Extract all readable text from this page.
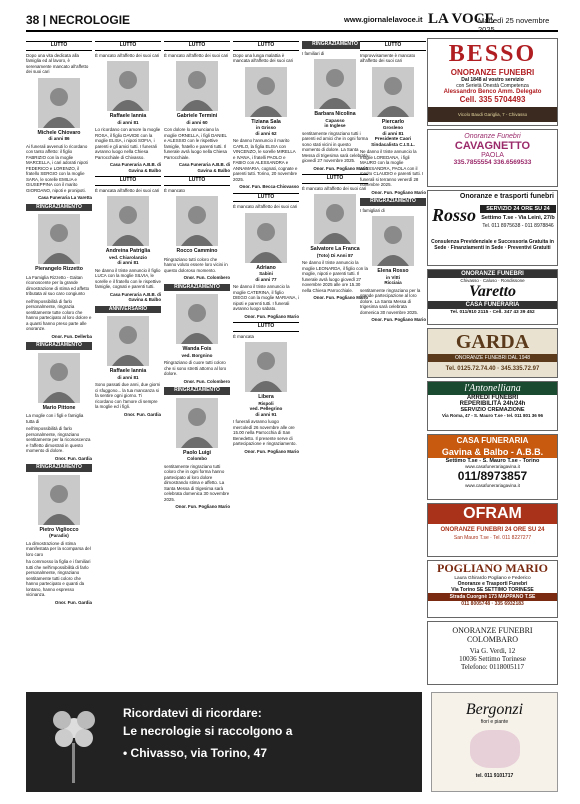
38 | NECROLOGIE	www.giornalelavoce.it LA VOCE
Martedì 25 novembre 2025
LUTTO

Dopo una vita dedicata alla famiglia ed al lavoro, è serenamente mancato all'affetto dei suoi cari

Michele Chiovaro
di anni 86

Ai funerali avvenuti lo ricordano con tanto affetto: il figlio FABRIZIO con la moglie MARCELLA, i cari adorati nipoti FEDERICO e LORENZO, il fratello SERGIO con la moglie SARA, le sorelle EMILIA e GIUSEPPINA con il marito GIORDANO, nipoti e pronipoti.

Casa Funeraria La Varetta
RINGRAZIAMENTO
Pierangelo Rizzetto

La Famiglia Rizzetto - Gaitan riconoscente per la grande dimostrazione di stima ed affetto tributata al suo caro congiunto

nell'impossibilità di farlo personalmente, ringrazia sentitamente tutte coloro che hanno partecipato al loro dolore e a quanti hanno preso parte alle onoranze.

Onor. Fun. Dellerba
RINGRAZIAMENTO
Mario Pittone

La moglie con i figli e famiglia tutta di

nell'impossibilità di farlo personalmente, ringraziano sentitamente per la riconoscenza e l'affetto dimostrati in questo momento di dolore.

Onor. Fun. Gardia
RINGRAZIAMENTO
Pietro Vigliocco
(Paradis)

La dimostrazione di stima manifestata per la scomparsa del loro caro

ha commosso la figlia e i familiari tutti che nell'impossibilità di farlo personalmente, ringraziano sentitamente tutti coloro che hanno partecipato e quanti da lontano, hanno espresso vicinanza.

Onor. Fun. Gardia
LUTTO

È mancato all'affetto dei suoi cari

Raffaele Iannia
di anni 81

Lo ricordano con amore la moglie ROSA, il figlio DAVIDE con la moglie ELISA, i nipoti SOFIA, i parenti e gli amici tutti. I funerali avranno luogo nella Chiesa Parrocchiale di Chivasso.

Casa Funeraria A.B.B. di Gavina & Balbo
LUTTO

È mancata all'affetto dei suoi cari

Andreina Patriglia
ved. Chiarolanzio
di anni 81

Ne danno il triste annuncio il figlio LUCA con la moglie SILVIA, le sorelle e il fratello con le rispettive famiglie, cognati e parenti tutti.

Casa Funeraria A.B.B. di Gavina & Balbo
ANNIVERSARIO
Raffaele Iannia
di anni 81

Sono passati due anni, due giorni ci sfuggono... la tua mancanza si fa sentire ogni giorno. Ti ricordano con l'amore di sempre la moglie ed i figli.

Onor. Fun. Gardia
LUTTO

È mancato all'affetto dei suoi cari

Gabriele Termini
di anni 60

Con dolore lo annunciano la moglie ORNELLA, i figli DANIEL e ALESSIO con le rispettive famiglie, fratello e parenti tutti. Il funerale avrà luogo nella Chiesa Parrocchiale.

Casa Funeraria A.B.B. di Gavina & Balbo
LUTTO

È mancato

Rocco Cammino

Ringraziano tutti coloro che hanno voluto essere loro vicini in questo doloroso momento.

Onor. Fun. Colombero
RINGRAZIAMENTO
Wanda Fois
ved. Borgnino

Ringraziano di cuore tutti coloro che si sono stretti attorno al loro dolore.

Onor. Fun. Colombero
RINGRAZIAMENTO
Paolo Luigi
Colombo

sentitamente ringraziano tutti coloro che in ogni forma hanno partecipato al loro dolore dimostrando stima e affetto. La Santa Messa di trigesima sarà celebrata domenica 30 novembre 2025.

Onor. Fun. Pogliano Mario
LUTTO

Dopo una lunga malattia è mancata all'affetto dei suoi cari

Tiziana Sala
in Grisso
di anni 62

Ne danno l'annuncio il marito CARLO, la figlia ELISA con VINCENZO, le sorelle MIRELLA e IVANA, i fratelli PAOLO e FABIO con ALESSANDRA e ANNAMARIA, cognati, cognate e parenti tutti. Torino, 20 novembre 2025.

Onor. Fun. Becca-Chiovasso
LUTTO

È mancato all'affetto dei suoi cari

Adriano
Sabini
di anni 77

Ne danno il triste annuncio la moglie CATERINA, il figlio DIEGO con la moglie MARIANA, i nipoti e parenti tutti. I funerali avranno luogo sabato.

Onor. Fun. Pogliano Mario
LUTTO

È mancata

Libera
Rispoli
ved. Pellegrino
di anni 91

I funerali avranno luogo mercoledì 26 novembre alle ore 15.00 nella Parrocchia di San Benedetto. Il presente serve di partecipazione e ringraziamento.

Onor. Fun. Pogliano Mario
RINGRAZIAMENTO

I familiari di

Barbara Nicolina
Capasso
in Inglese

sentitamente ringraziano tutti i parenti ed amici che in ogni forma sono stati vicini in questo momento di dolore. La Santa Messa di trigesima sarà celebrata giovedì 27 novembre 2025.

Onor. Fun. Pogliano Mario
LUTTO

È mancato all'affetto dei suoi cari

Salvatore La Franca
(Toto) Di Anni 87

Ne danno il triste annuncio la moglie LEONARDA, il figlio con la moglie, nipoti e parenti tutti. Il funerale avrà luogo giovedì 27 novembre 2025 alle ore 15.30 nella Chiesa Parrocchiale.

Onor. Fun. Pogliano Mario
LUTTO

Improvvisamente è mancato all'affetto dei suoi cari

Piercarlo
Grosleno
di anni 81
Presidente Caori
Sindacalista C.I.S.L.

Ne danno il triste annuncio la moglie LOREDANA, i figli MAURO con la moglie ALESSANDRA, PAOLA con il marito CLAUDIO e parenti tutti. I funerali si terranno venerdì 28 novembre 2025.

Onor. Fun. Pogliano Mario
RINGRAZIAMENTO

I famigliari di

Elena Rosso
in Vitti
Ricciaia

sentitamente ringraziano per la grande partecipazione al loro dolore. La Santa Messa di trigesima sarà celebrata domenica 30 novembre 2025.

Onor. Fun. Pogliano Mario
BESSO
ONORANZE FUNEBRI
Dal 1848 al vostro servizio
con Serietà Onestà Competenza
Alessandro Benco Amm. Delegato
Cell. 335 5704493
Vicolo Baudi Gariglia, 7 - Chivasso
Onoranze Funebri
CAVAGNETTO
PAOLA
335.7855554 336.6569533
Onoranze e trasporti funebri
Rosso	SERVIZIO 24 ORE SU 24
Settimo T.se - Via Leinì, 27/b
Tel. 011 8975638 - 011 8978846
Consulenza Previdenziale e Successoria Gratuita in Sede · Finanziamenti in Sede · Preventivi Gratuiti
ONORANZE FUNEBRI
Chivasso · Caluso · Rondissone
Varetto
CASA FUNERARIA
Tel. 011/910 2115 - Cell. 347 43 39 452
GARDA
ONORANZE FUNEBRI DAL 1948
Tel. 0125.72.74.40 · 345.335.72.97
l'Antonelliana
ARREDI FUNEBRI
REPERIBILITÀ 24h/24h
SERVIZIO CREMAZIONE
Via Roma, 47 - S. Mauro T.se - tel. 011 801 36 96
CASA FUNERARIA
Gavina & Balbo - A.B.B.
Settimo T.se - S. Mauro T.se - Torino
www.casafunerariagavina.it
011/8973857
www.casafunerariagavina.it
OFRAM
ONORANZE FUNEBRI 24 ORE SU 24
San Mauro T.se · Tel. 011 8227277
POGLIANO MARIO
Laura Ghirardo Pogliano e Federico
Onoranze e Trasporti Funebri
Via Torino SE SETTIMO TORINESE
Strada Cuorgnè 173 MAPPANO T.SE
011 8005748 · 335 6932183
ONORANZE FUNEBRI
COLOMBARO
Via G. Verdi, 12
10036 Settimo Torinese
Telefono: 0118005117
Ricordatevi di ricordare:
Le necrologie si raccolgono a
• Chivasso, via Torino, 47
Bergonzi
fiori e piante
tel. 011 9101717
